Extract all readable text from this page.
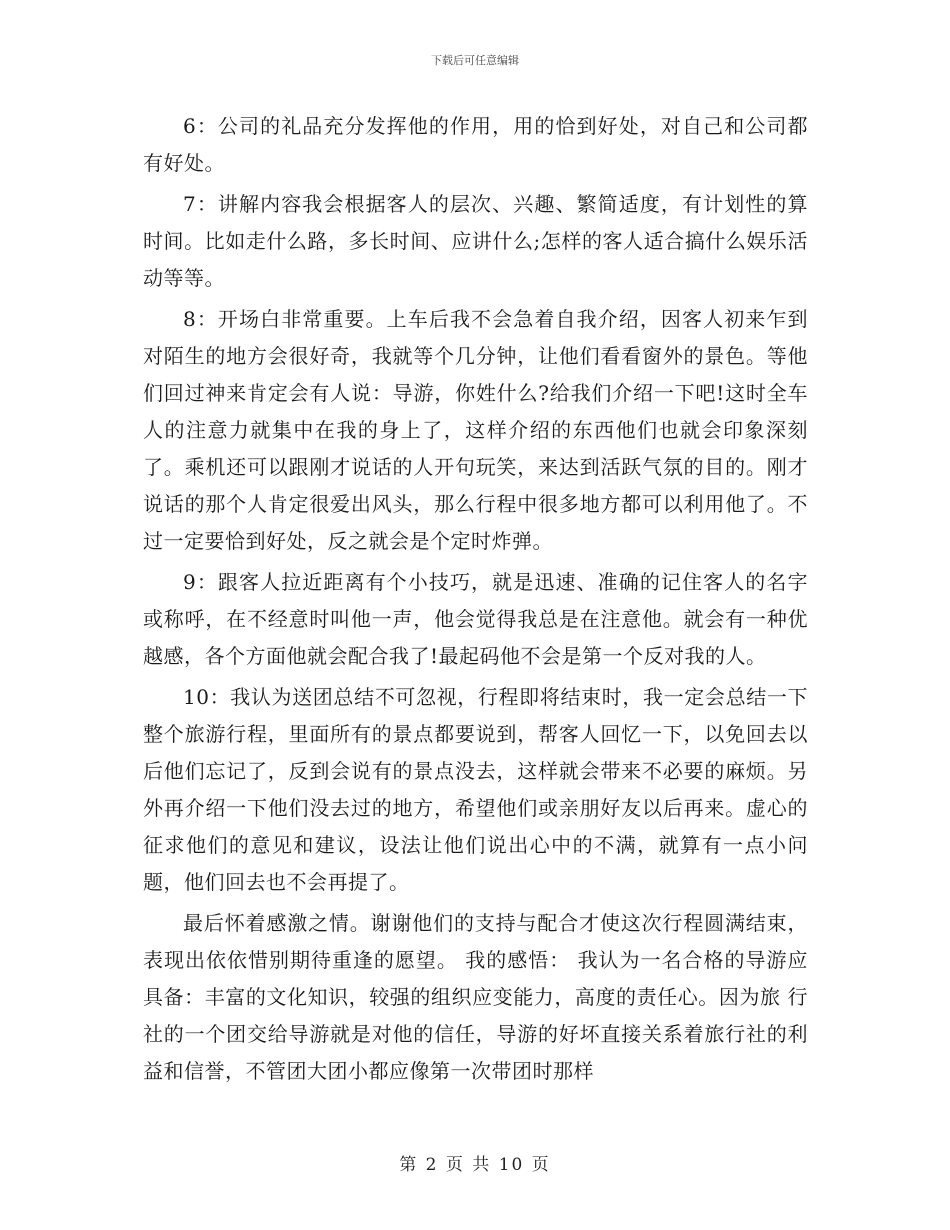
下载后可任意编辑

6：公司的礼品充分发挥他的作用，用的恰到好处，对自己和公司都有好处。

7：讲解内容我会根据客人的层次、兴趣、繁简适度，有计划性的算时间。比如走什么路，多长时间、应讲什么;怎样的客人适合搞什么娱乐活动等等。

8：开场白非常重要。上车后我不会急着自我介绍，因客人初来乍到对陌生的地方会很好奇，我就等个几分钟，让他们看看窗外的景色。等他们回过神来肯定会有人说：导游，你姓什么?给我们介绍一下吧!这时全车人的注意力就集中在我的身上了，这样介绍的东西他们也就会印象深刻了。乘机还可以跟刚才说话的人开句玩笑，来达到活跃气氛的目的。刚才说话的那个人肯定很爱出风头，那么行程中很多地方都可以利用他了。不过一定要恰到好处，反之就会是个定时炸弹。

9：跟客人拉近距离有个小技巧，就是迅速、准确的记住客人的名字或称呼，在不经意时叫他一声，他会觉得我总是在注意他。就会有一种优越感，各个方面他就会配合我了!最起码他不会是第一个反对我的人。

10：我认为送团总结不可忽视，行程即将结束时，我一定会总结一下整个旅游行程，里面所有的景点都要说到，帮客人回忆一下，以免回去以后他们忘记了，反到会说有的景点没去，这样就会带来不必要的麻烦。另外再介绍一下他们没去过的地方，希望他们或亲朋好友以后再来。虚心的征求他们的意见和建议，设法让他们说出心中的不满，就算有一点小问题，他们回去也不会再提了。

最后怀着感激之情。谢谢他们的支持与配合才使这次行程圆满结束，表现出依依惜别期待重逢的愿望。 我的感悟： 我认为一名合格的导游应具备：丰富的文化知识，较强的组织应变能力，高度的责任心。因为旅 行社的一个团交给导游就是对他的信任，导游的好坏直接关系着旅行社的利益和信誉，不管团大团小都应像第一次带团时那样

第 2 页 共 10 页
